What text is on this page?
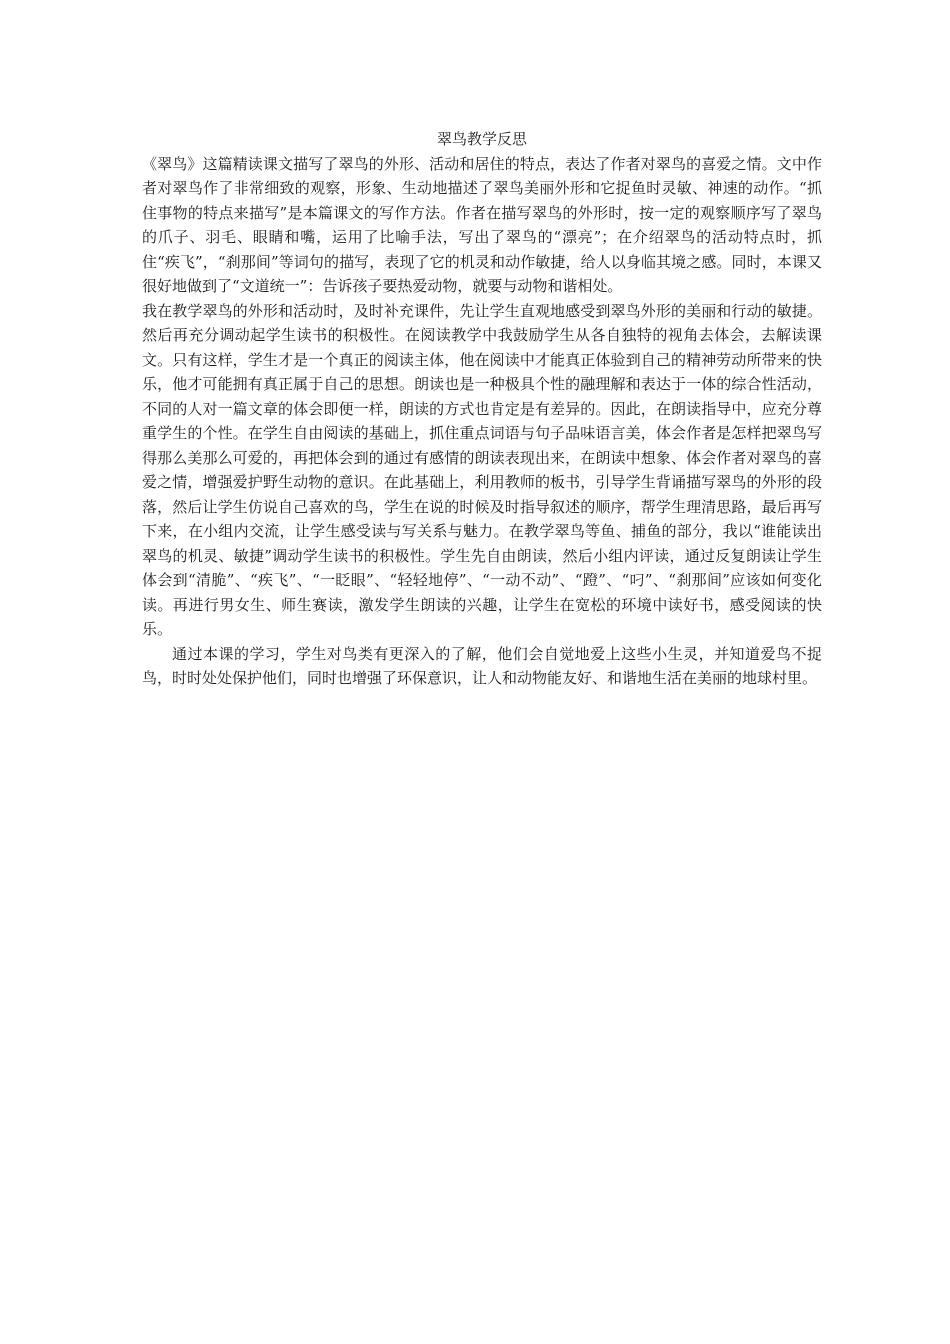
翠鸟教学反思

《翠鸟》这篇精读课文描写了翠鸟的外形、活动和居住的特点，表达了作者对翠鸟的喜爱之情。文中作者对翠鸟作了非常细致的观察，形象、生动地描述了翠鸟美丽外形和它捉鱼时灵敏、神速的动作。“抓住事物的特点来描写”是本篇课文的写作方法。作者在描写翠鸟的外形时，按一定的观察顺序写了翠鸟的爪子、羽毛、眼睛和嘴，运用了比喻手法，写出了翠鸟的“漂亮”；在介绍翠鸟的活动特点时，抓住“疾飞”，“刹那间”等词句的描写，表现了它的机灵和动作敏捷，给人以身临其境之感。同时，本课又很好地做到了“文道统一”：告诉孩子要热爱动物，就要与动物和谐相处。

我在教学翠鸟的外形和活动时，及时补充课件，先让学生直观地感受到翠鸟外形的美丽和行动的敏捷。然后再充分调动起学生读书的积极性。在阅读教学中我鼓励学生从各自独特的视角去体会，去解读课文。只有这样，学生才是一个真正的阅读主体，他在阅读中才能真正体验到自己的精神劳动所带来的快乐，他才可能拥有真正属于自己的思想。朗读也是一种极具个性的融理解和表达于一体的综合性活动，不同的人对一篇文章的体会即便一样，朗读的方式也肯定是有差异的。因此，在朗读指导中，应充分尊重学生的个性。在学生自由阅读的基础上，抓住重点词语与句子品味语言美，体会作者是怎样把翠鸟写得那么美那么可爱的，再把体会到的通过有感情的朗读表现出来，在朗读中想象、体会作者对翠鸟的喜爱之情，增强爱护野生动物的意识。在此基础上，利用教师的板书，引导学生背诵描写翠鸟的外形的段落，然后让学生仿说自己喜欢的鸟，学生在说的时候及时指导叙述的顺序，帮学生理清思路，最后再写下来，在小组内交流，让学生感受读与写关系与魅力。在教学翠鸟等鱼、捕鱼的部分，我以“谁能读出翠鸟的机灵、敏捷”调动学生读书的积极性。学生先自由朗读，然后小组内评读，通过反复朗读让学生体会到“清脆”、“疾飞”、“一眨眼”、“轻轻地停”、“一动不动”、“蹬”、“叼”、“刹那间”应该如何变化读。再进行男女生、师生赛读，激发学生朗读的兴趣，让学生在宽松的环境中读好书，感受阅读的快乐。

通过本课的学习，学生对鸟类有更深入的了解，他们会自觉地爱上这些小生灵，并知道爱鸟不捉鸟，时时处处保护他们，同时也增强了环保意识，让人和动物能友好、和谐地生活在美丽的地球村里。
